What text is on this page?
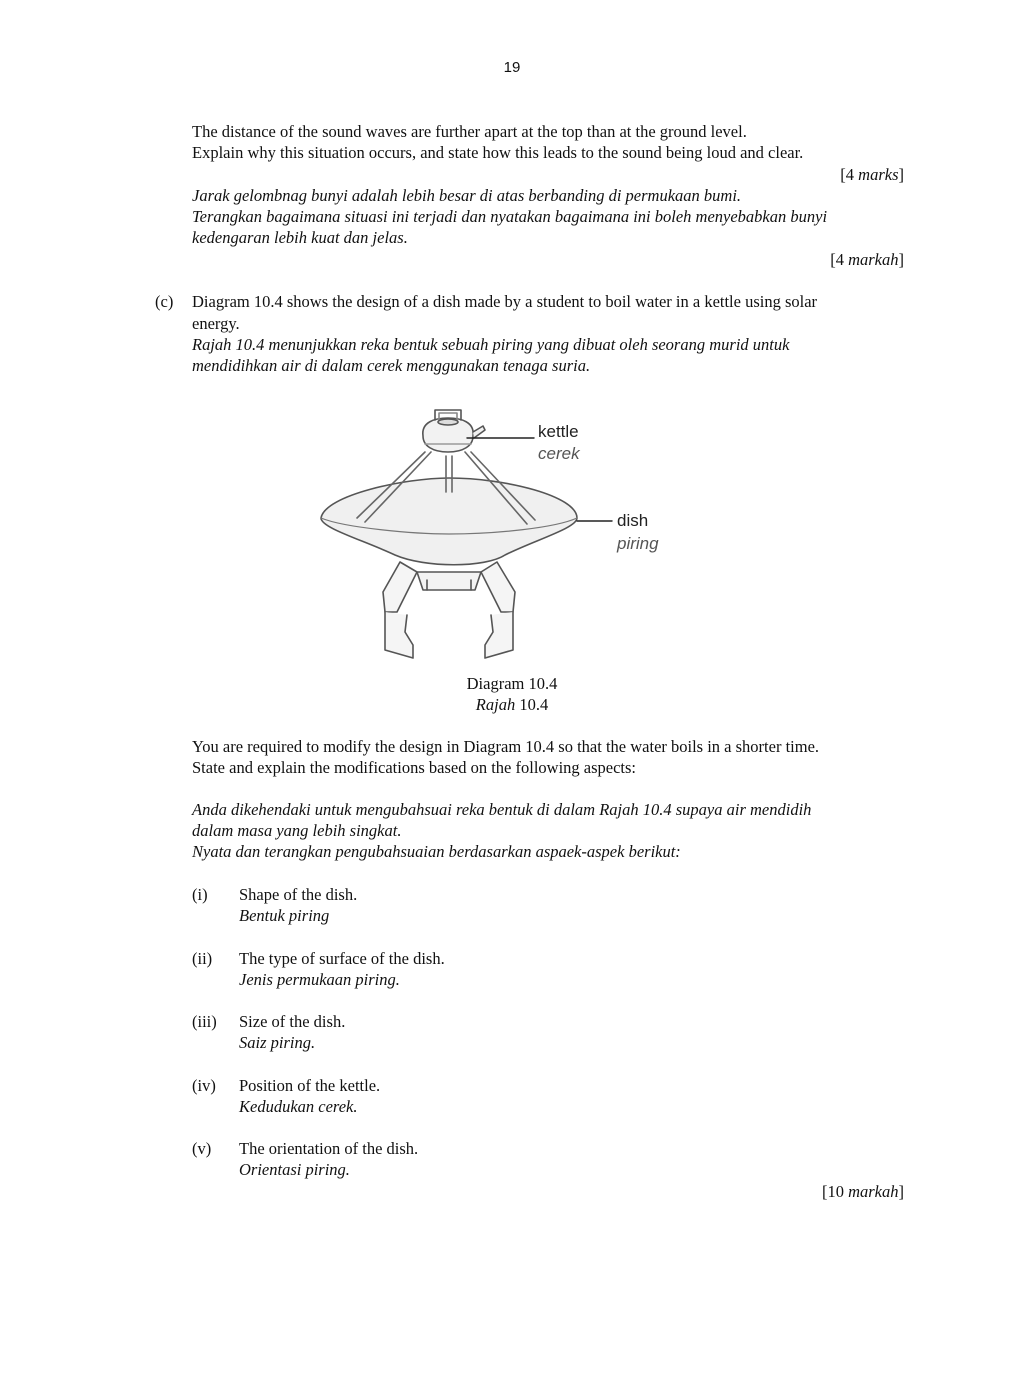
19
The distance of the sound waves are further apart at the top than at the ground level.
Explain why this situation occurs, and state how this leads to the sound being loud and clear.
[4 marks]
Jarak gelombnag bunyi adalah lebih besar di atas berbanding di permukaan bumi.
Terangkan bagaimana situasi ini terjadi dan nyatakan bagaimana ini boleh menyebabkan bunyi
kedengaran lebih kuat dan jelas.
[4 markah]
(c) Diagram 10.4 shows the design of a dish made by a student to boil water in a kettle using solar
energy.
Rajah 10.4 menunjukkan reka bentuk sebuah piring yang dibuat oleh seorang murid untuk
mendidihkan air di dalam cerek menggunakan tenaga suria.
kettle
cerek
dish
piring
Diagram 10.4
Rajah 10.4
You are required to modify the design in Diagram 10.4 so that the water boils in a shorter time.
State and explain the modifications based on the following aspects:
Anda dikehendaki untuk mengubahsuai reka bentuk di dalam Rajah 10.4 supaya air mendidih
dalam masa yang lebih singkat.
Nyata dan terangkan pengubahsuaian berdasarkan aspaek-aspek berikut:
(i) Shape of the dish.
Bentuk piring
(ii) The type of surface of the dish.
Jenis permukaan piring.
(iii) Size of the dish.
Saiz piring.
(iv) Position of the kettle.
Kedudukan cerek.
(v) The orientation of the dish.
Orientasi piring.
[10 markah]
